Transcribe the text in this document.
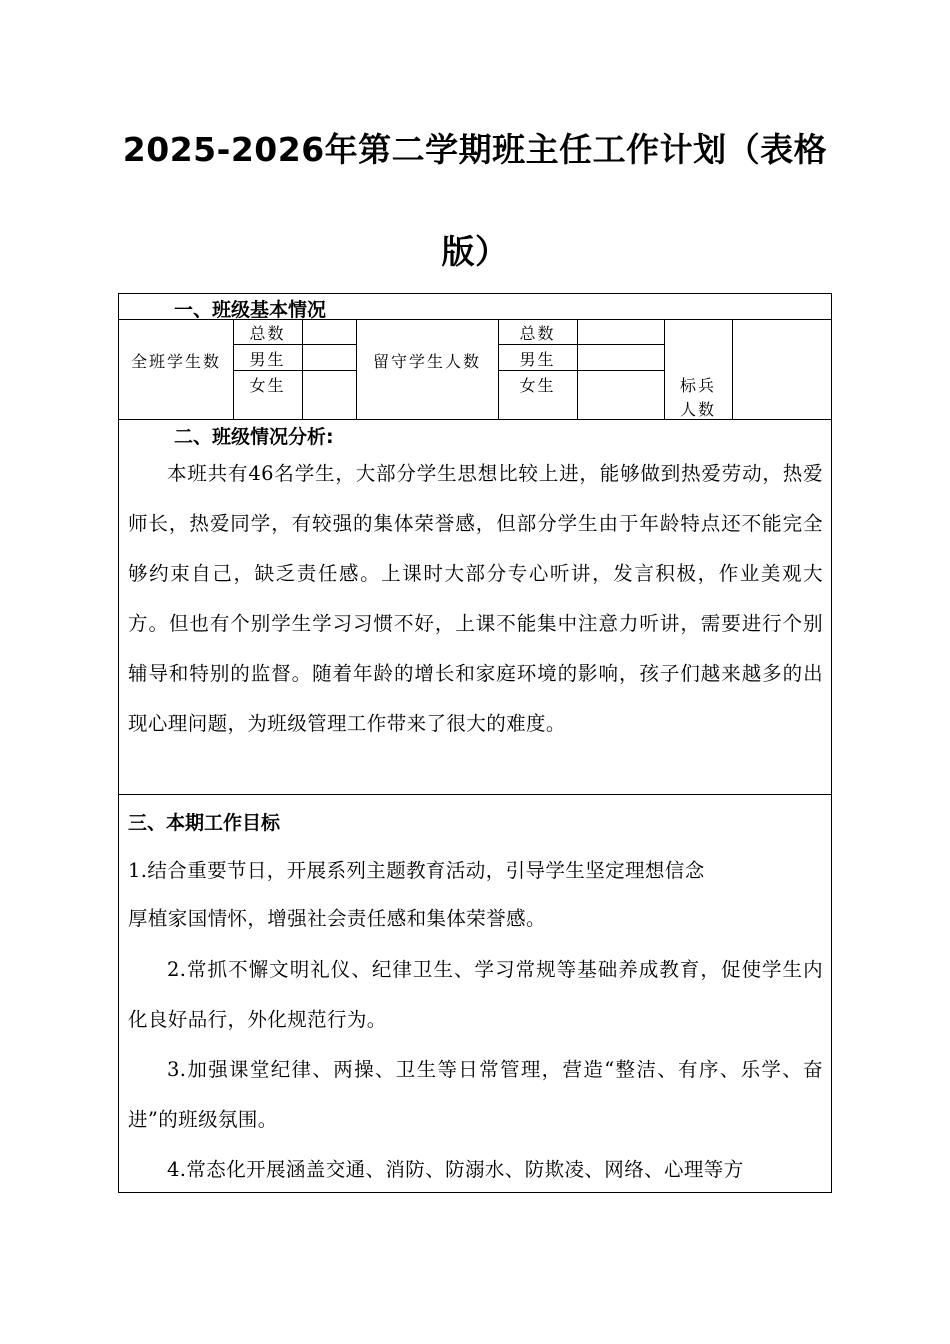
2025-2026年第二学期班主任工作计划（表格
版）
一、班级基本情况
全班学生数
总数
男生
女生
留守学生人数
总数
男生
女生	标兵
人数
二、班级情况分析:
本班共有46名学生，大部分学生思想比较上进，能够做到热爱劳动，热爱师长，热爱同学，有较强的集体荣誉感，但部分学生由于年龄特点还不能完全够约束自己，缺乏责任感。上课时大部分专心听讲，发言积极，作业美观大方。但也有个别学生学习习惯不好，上课不能集中注意力听讲，需要进行个别辅导和特别的监督。随着年龄的增长和家庭环境的影响，孩子们越来越多的出现心理问题，为班级管理工作带来了很大的难度。
三、本期工作目标

1.结合重要节日，开展系列主题教育活动，引导学生坚定理想信念

厚植家国情怀，增强社会责任感和集体荣誉感。

2.常抓不懈文明礼仪、纪律卫生、学习常规等基础养成教育，促使学生内化良好品行，外化规范行为。
3.加强课堂纪律、两操、卫生等日常管理，营造“整洁、有序、乐学、奋进”的班级氛围。
4.常态化开展涵盖交通、消防、防溺水、防欺凌、网络、心理等方
